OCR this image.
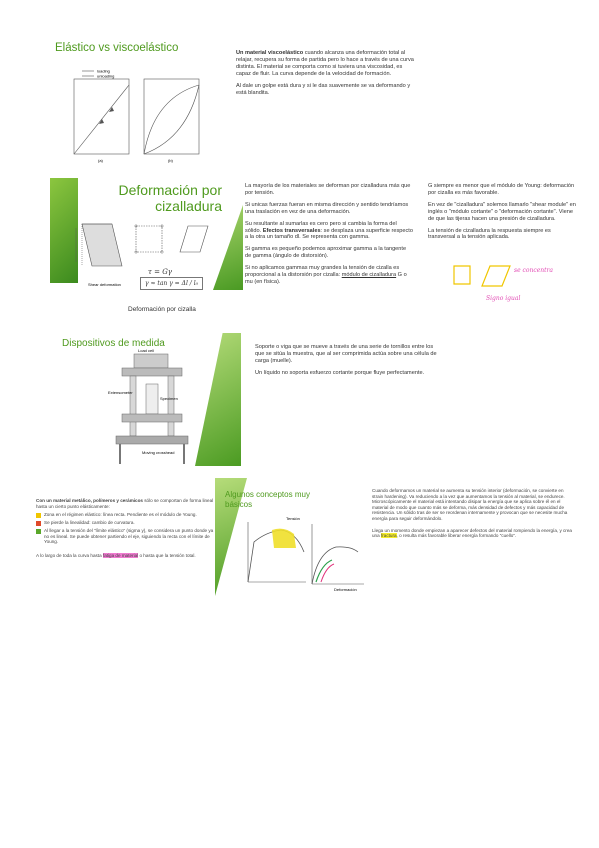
Elástico vs viscoelástico
loading
unloading
(a)	(b)

Un material viscoelástico cuando alcanza una deformación total al relajar, recupera su forma de partida pero lo hace a través de una curva distinta. El material se comporta como si tuviera una viscosidad, es capaz de fluir. La curva depende de la velocidad de formación.

Al dale un golpe está dura y si le das suavemente se va deformando y está blandita.

Deformación por
cizalladura
Shear deformation
τ = Gγ
γ ≈ tan γ = Δl / l₀
Deformación por cizalla

La mayoría de los materiales se deforman por cizalladura más que por tensión.

Si unicas fuerzas fueran en misma dirección y sentido tendríamos una traslación en vez de una deformación.

Su resultante al sumarlas es cero pero si cambia la forma del sólido. Efectos transversales: se desplaza una superficie respecto a la otra un tamaño dl. Se representa con gamma.

Si gamma es pequeño podemos aproximar gamma a la tangente de gamma (ángulo de distorsión).

Si no aplicamos gammas muy grandes la tensión de cizalla es proporcional a la distorsión por cizalla: módulo de cizalladura G o mu (en física).

G siempre es menor que el módulo de Young: deformación por cizalla es más favorable.

En vez de "cizalladura" solemos llamarlo "shear module" en inglés o "módulo cortante" o "deformación cortante". Viene de que las tijeras hacen una presión de cizalladura.

La tensión de cizalladura la respuesta siempre es transversal a la tensión aplicada.

se concentra
Signo igual
Dispositivos de medida
Load cell
Extensometer
Specimen
Moving crosshead

Soporte o viga que se mueve a través de una serie de tornillos entre los que se sitúa la muestra, que al ser comprimida actúa sobre una célula de carga (muelle).

Un líquido no soporta esfuerzo cortante porque fluye perfectamente.

Con un material metálico, polímeros y cerámicos sólo se comportan de forma lineal hasta un cierto punto elásticamente:

Zona en el régimen elástico: línea recta. Pendiente es el módulo de Young.
Se pierde la linealidad: cambio de curvatura.
Al llegar a la tensión del "límite elástico" (sigma y), se considera un punto donde ya no es lineal. Se puede obtener partiendo el eje, siguiendo la recta con el límite de Young.

A lo largo de toda la curva hasta fatiga de material o hasta que la tensión total.

Algunos conceptos muy básicos
Tensión
Deformación

Cuando deformamos un material se aumenta su tensión interior (deformación, se convierte en strain hardening). Va reduciendo a la vez que aumentamos la tensión al material, se endurece. Microscópicamente el material está intentando disipar la energía que se aplica sobre él en el material de modo que cuanto más se deforma, más densidad de defectos y más capacidad de resistencia. Un sólido tras de ser se reordenan internamente y provocan que se necesite mucha energía para seguir deformándolo.

Llega un momento donde empiezan a aparecer defectos del material rompiendo la energía, y crea una fractura, o resulta más favorable liberar energía formando "cuello".
